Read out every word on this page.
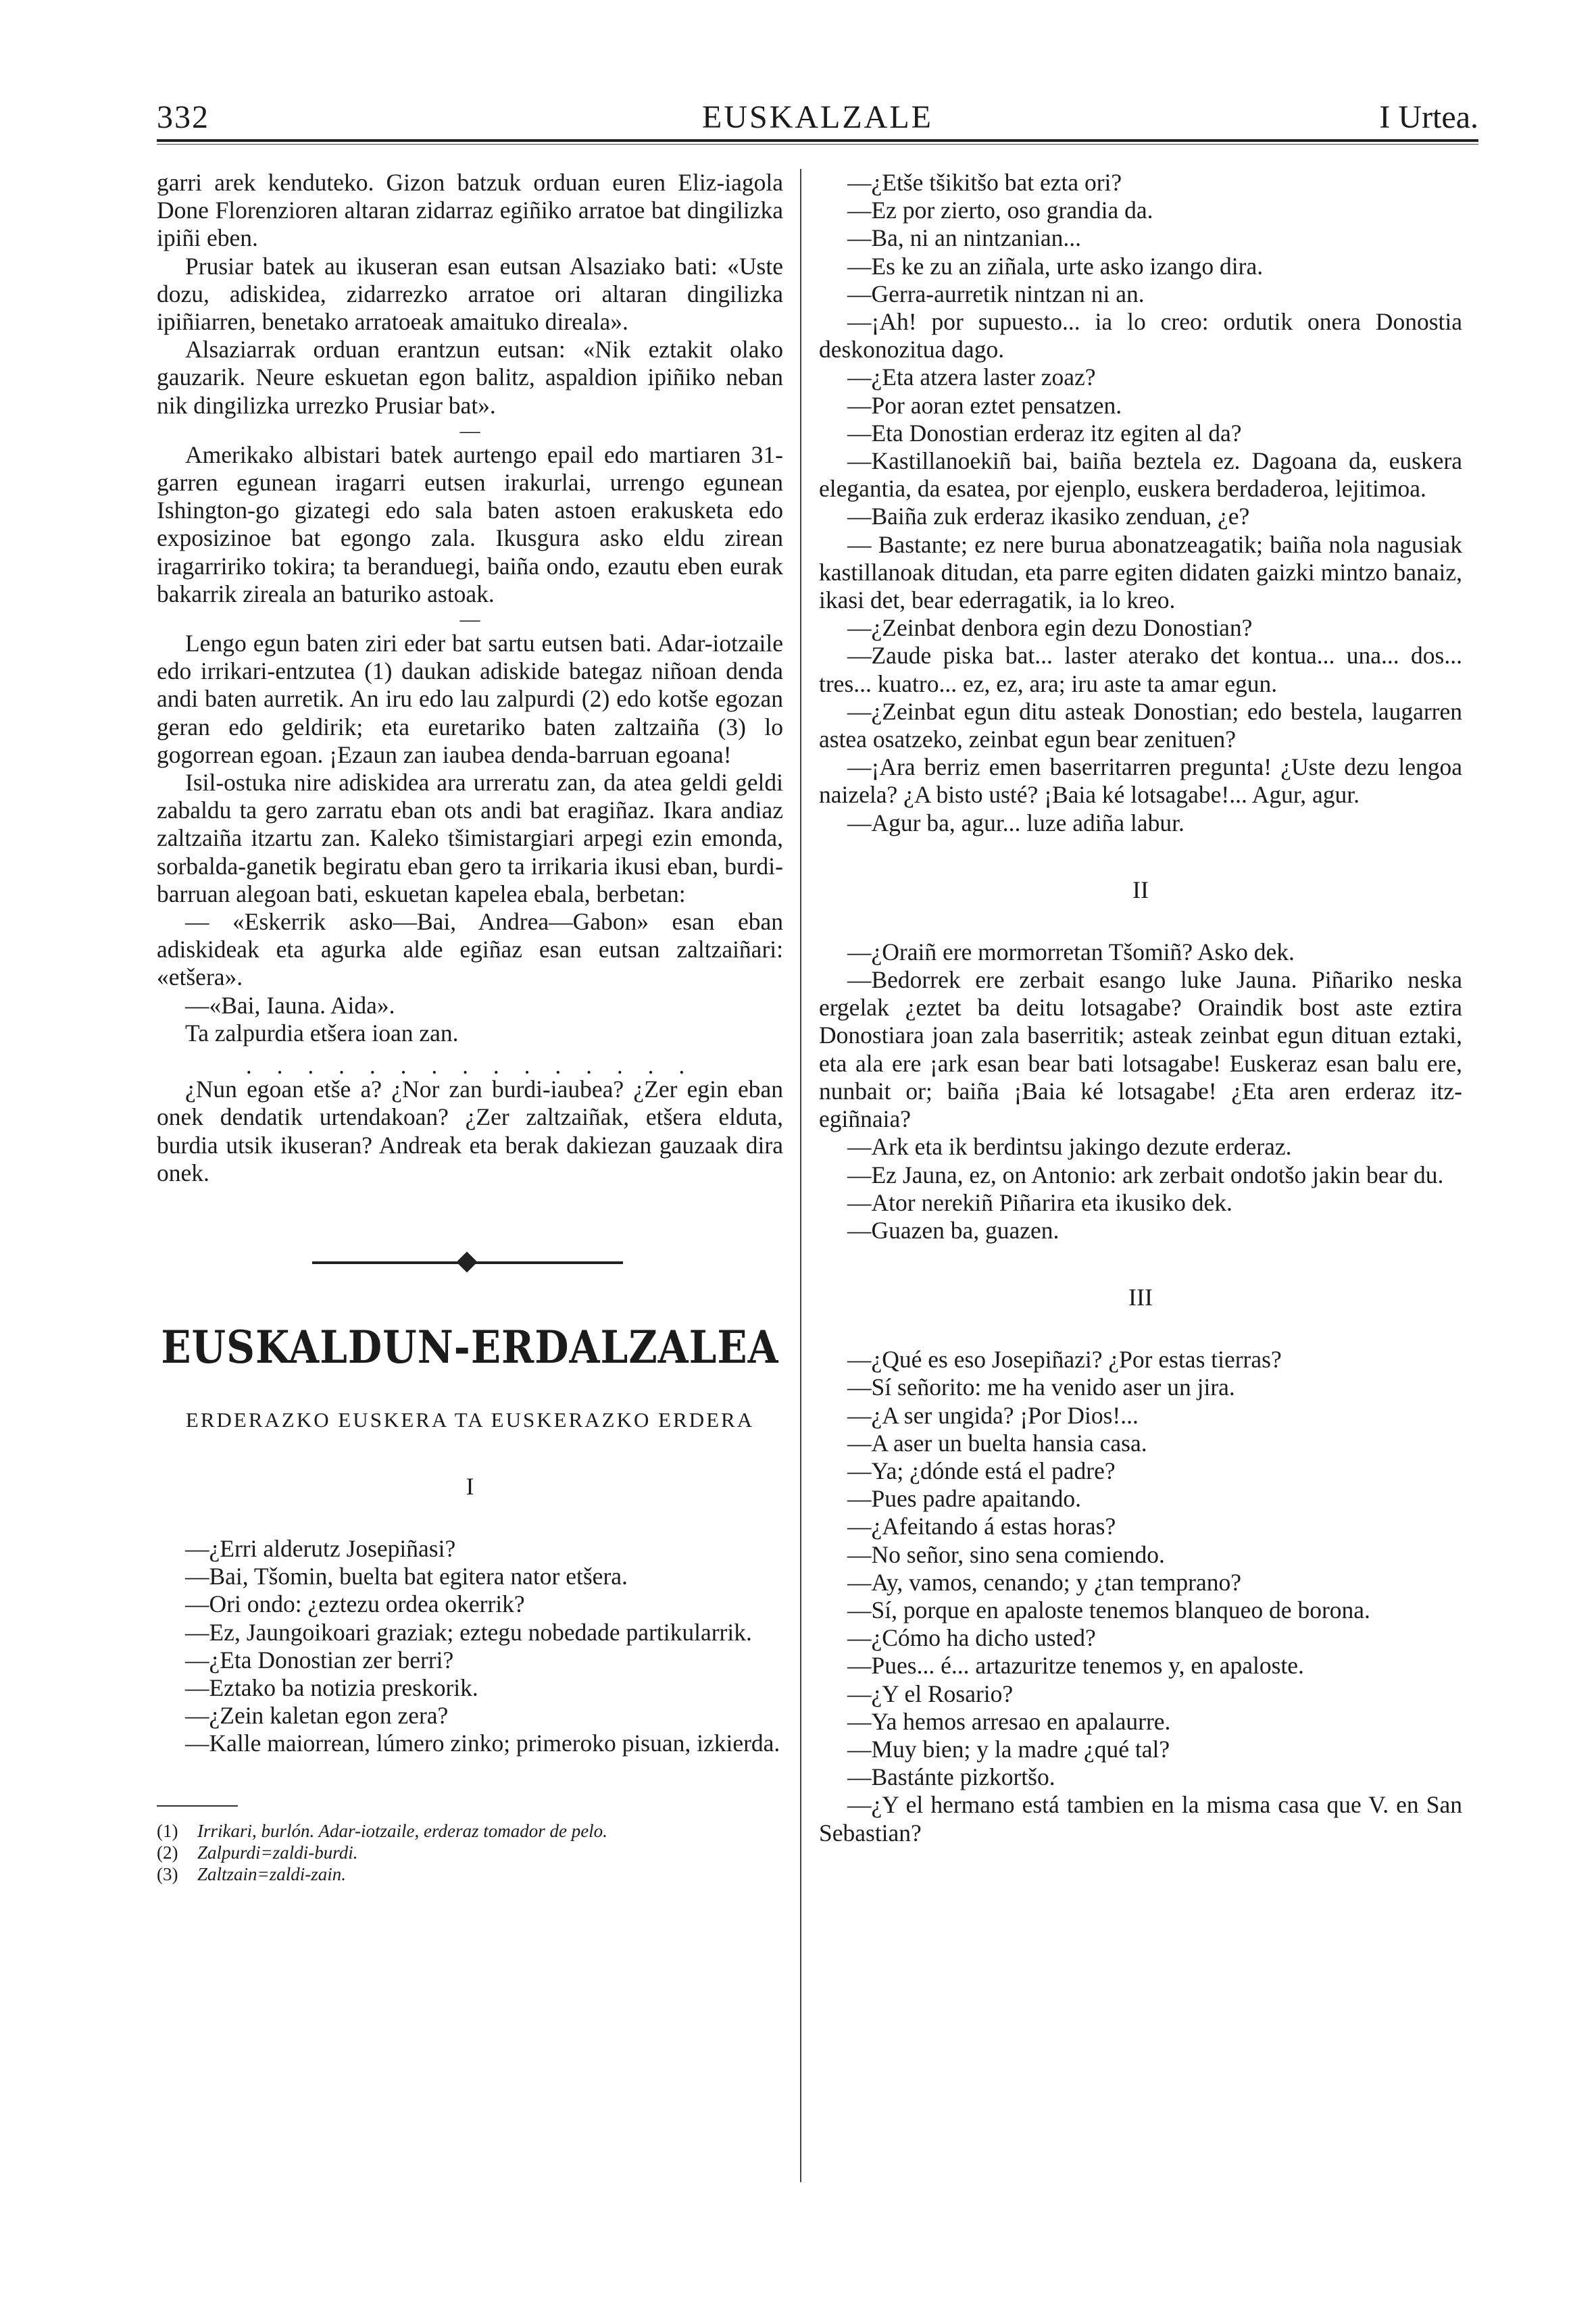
332	EUSKALZALE	I Urtea.

garri arek kenduteko. Gizon batzuk orduan euren Eliz-iagola Done Florenzioren altaran zidarraz egiñiko arratoe bat dingilizka ipiñi eben.

Prusiar batek au ikuseran esan eutsan Alsaziako bati: «Uste dozu, adiskidea, zidarrezko arratoe ori altaran dingilizka ipiñiarren, benetako arratoeak amaituko direala».

Alsaziarrak orduan erantzun eutsan: «Nik eztakit olako gauzarik. Neure eskuetan egon balitz, aspaldion ipiñiko neban nik dingilizka urrezko Prusiar bat».

—

Amerikako albistari batek aurtengo epail edo martiaren 31-garren egunean iragarri eutsen irakurlai, urrengo egunean Ishington-go gizategi edo sala baten astoen erakusketa edo exposizinoe bat egongo zala. Ikusgura asko eldu zirean iragarririko tokira; ta beranduegi, baiña ondo, ezautu eben eurak bakarrik zireala an baturiko astoak.

—

Lengo egun baten ziri eder bat sartu eutsen bati. Adar-iotzaile edo irrikari-entzutea (1) daukan adiskide bategaz niñoan denda andi baten aurretik. An iru edo lau zalpurdi (2) edo kotše egozan geran edo geldirik; eta euretariko baten zaltzaiña (3) lo gogorrean egoan. ¡Ezaun zan iaubea denda-barruan egoana!

Isil-ostuka nire adiskidea ara urreratu zan, da atea geldi geldi zabaldu ta gero zarratu eban ots andi bat eragiñaz. Ikara andiaz zaltzaiña itzartu zan. Kaleko tšimistargiari arpegi ezin emonda, sorbalda-ganetik begiratu eban gero ta irrikaria ikusi eban, burdi-barruan alegoan bati, eskuetan kapelea ebala, berbetan:

— «Eskerrik asko—Bai, Andrea—Gabon» esan eban adiskideak eta agurka alde egiñaz esan eutsan zaltzaiñari: «etšera».

—«Bai, Iauna. Aida».

Ta zalpurdia etšera ioan zan.

. . . . . . . . . . . . . . .

¿Nun egoan etše a? ¿Nor zan burdi-iaubea? ¿Zer egin eban onek dendatik urtendakoan? ¿Zer zaltzaiñak, etšera elduta, burdia utsik ikuseran? Andreak eta berak dakiezan gauzaak dira onek.

EUSKALDUN-ERDALZALEA
ERDERAZKO EUSKERA TA EUSKERAZKO ERDERA
I

—¿Erri alderutz Josepiñasi?

—Bai, Tšomin, buelta bat egitera nator etšera.

—Ori ondo: ¿eztezu ordea okerrik?

—Ez, Jaungoikoari graziak; eztegu nobedade partikularrik.

—¿Eta Donostian zer berri?

—Eztako ba notizia preskorik.

—¿Zein kaletan egon zera?

—Kalle maiorrean, lúmero zinko; primeroko pisuan, izkierda.

(1) Irrikari, burlón. Adar-iotzaile, erderaz tomador de pelo.

(2) Zalpurdi=zaldi-burdi.

(3) Zaltzain=zaldi-zain.

—¿Etše tšikitšo bat ezta ori?

—Ez por zierto, oso grandia da.

—Ba, ni an nintzanian...

—Es ke zu an ziñala, urte asko izango dira.

—Gerra-aurretik nintzan ni an.

—¡Ah! por supuesto... ia lo creo: ordutik onera Donostia deskonozitua dago.

—¿Eta atzera laster zoaz?

—Por aoran eztet pensatzen.

—Eta Donostian erderaz itz egiten al da?

—Kastillanoekiñ bai, baiña beztela ez. Dagoana da, euskera elegantia, da esatea, por ejenplo, euskera berdaderoa, lejitimoa.

—Baiña zuk erderaz ikasiko zenduan, ¿e?

— Bastante; ez nere burua abonatzeagatik; baiña nola nagusiak kastillanoak ditudan, eta parre egiten didaten gaizki mintzo banaiz, ikasi det, bear ederragatik, ia lo kreo.

—¿Zeinbat denbora egin dezu Donostian?

—Zaude piska bat... laster aterako det kontua... una... dos... tres... kuatro... ez, ez, ara; iru aste ta amar egun.

—¿Zeinbat egun ditu asteak Donostian; edo bestela, laugarren astea osatzeko, zeinbat egun bear zenituen?

—¡Ara berriz emen baserritarren pregunta! ¿Uste dezu lengoa naizela? ¿A bisto usté? ¡Baia ké lotsagabe!... Agur, agur.

—Agur ba, agur... luze adiña labur.

II

—¿Oraiñ ere mormorretan Tšomiñ? Asko dek.

—Bedorrek ere zerbait esango luke Jauna. Piñariko neska ergelak ¿eztet ba deitu lotsagabe? Oraindik bost aste eztira Donostiara joan zala baserritik; asteak zeinbat egun dituan eztaki, eta ala ere ¡ark esan bear bati lotsagabe! Euskeraz esan balu ere, nunbait or; baiña ¡Baia ké lotsagabe! ¿Eta aren erderaz itz-egiñnaia?

—Ark eta ik berdintsu jakingo dezute erderaz.

—Ez Jauna, ez, on Antonio: ark zerbait ondotšo jakin bear du.

—Ator nerekiñ Piñarira eta ikusiko dek.

—Guazen ba, guazen.

III

—¿Qué es eso Josepiñazi? ¿Por estas tierras?

—Sí señorito: me ha venido aser un jira.

—¿A ser ungida? ¡Por Dios!...

—A aser un buelta hansia casa.

—Ya; ¿dónde está el padre?

—Pues padre apaitando.

—¿Afeitando á estas horas?

—No señor, sino sena comiendo.

—Ay, vamos, cenando; y ¿tan temprano?

—Sí, porque en apaloste tenemos blanqueo de borona.

—¿Cómo ha dicho usted?

—Pues... é... artazuritze tenemos y, en apaloste.

—¿Y el Rosario?

—Ya hemos arresao en apalaurre.

—Muy bien; y la madre ¿qué tal?

—Bastánte pizkortšo.

—¿Y el hermano está tambien en la misma casa que V. en San Sebastian?
